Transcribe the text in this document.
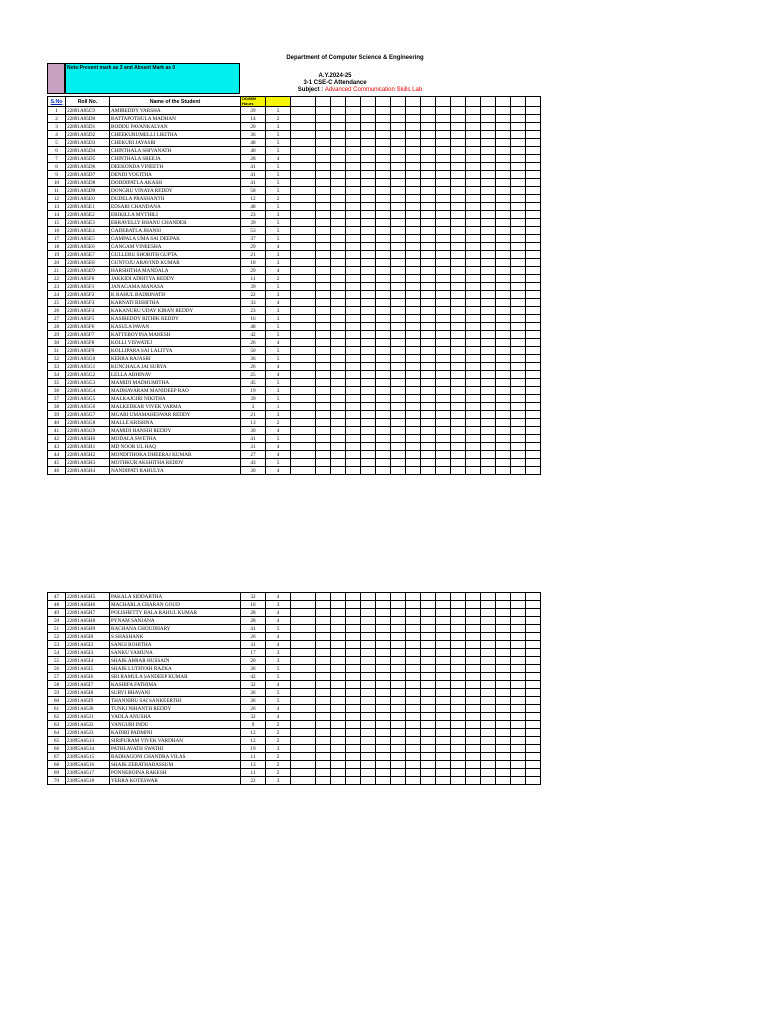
Department of Computer Science & Engineering
A.Y.2024-25
3-1 CSE-C Attendance
Subject : Advanced Communication Skills Lab
Note:Present mark as 3 and Absent Mark as 0
S.No	Roll No.	Name of the Student	OD/MM
Hours																	
1	22891A05C9	AMIREDDY VARSHA	39	5																
2	22891A05D0	BATTAPOTHULA MADHAN	14	2																
3	22891A05D1	BODDU PAVANKALYAN	20	3																
4	22891A05D2	CHEEKURUMELLI LIKITHA	36	5																
5	22891A05D3	CHEKURI JAYASRI	48	5																
6	22891A05D4	CHINTHALA SHIVANATH	40	5																
7	22891A05D5	CHINTHALA SREEJA	28	4																
8	22891A05D6	DEEKONDA VINEETH	41	5																
9	22891A05D7	DENDI YOGITHA	41	5																
10	22891A05D8	DODDIPATLA AKASH	41	5																
11	22891A05D9	DONGRU VINAYA REDDY	58	5																
12	22891A05E0	DUDELA PRASHANTH	12	2																
13	22891A05E1	EDSARI CHANDANA	48	5																
14	22891A05E2	ERIKILLA MYTHILI	23	3																
15	22891A05E3	ERRAVELLY BHANU CHANDER	39	5																
16	22891A05E4	GADEBATLA JHANSI	53	5																
17	22891A05E5	GAMPALA UMA SAI DEEPAK	37	5																
18	22891A05E6	GANGAM VINEESHA	29	4																
19	22891A05E7	GULLERU SHOBITH GUPTA	21	3																
20	22891A05E8	GUNTOJU ARAVIND KUMAR	18	3																
21	22891A05E9	HARSHITHA MANDALA	29	4																
22	22891A05F0	JAKKIDI ADHITYA REDDY	11	2																
23	22891A05F1	JANAGAMA MANASA	39	5																
24	22891A05F2	K RAHUL BADRINATH	22	3																
25	22891A05F3	KARNATI RISHITHA	33	4																
26	22891A05F4	KAKANURU UDAY KIRAN REDDY	23	3																
27	22891A05F5	KASIREDDY RITHIK REDDY	16	3																
28	22891A05F6	KASULA PAVAN	48	5																
29	22891A05F7	KATTEBOYINA MAHESH	42	5																
30	22891A05F8	KOLLI VISWATEJ	26	4																
31	22891A05F9	KOLLIPARA SAI LALITYA	50	5																
32	22891A05G0	KERRA RAJASRI	36	5																
33	22891A05G1	KUNCHALA JAI SURYA	26	4																
34	22891A05G2	LELLA ABHINAV	25	4																
35	22891A05G3	MAMIDI MADHUMITHA	45	5																
36	22891A05G4	MADHAVARAM MANIDEEP RAO	19	3																
37	22891A05G5	MALKAJGIRI NIKITHA	39	5																
38	22891A05G6	MALKEDKAR VIVEK VARMA	3	1																
39	22891A05G7	MGARI UMAMAHESWAR REDDY	21	3																
40	22891A05G8	MALLE KRISHNA	13	2																
41	22891A05G9	MAMIDI HANSIH REDDY	30	4																
42	22891A05H0	MODALA SWETHA	41	5																
43	22891A05H1	MD NOOR UL HAQ	31	4																
44	22891A05H2	MONDITHOKA DHEERAJ KUMAR	27	4																
45	22891A05H3	MOTHKUR AKSHITHA REDDY	43	5																
46	22891A05H4	NANDIPATI RAHULYA	30	4																
47	22891A05H5	PAKALA SIDDARTHA	32	4																
48	22891A05H6	MACHARLA CHARAN GOUD	16	3																
49	22891A05H7	POLISHETTY BALA RAHUL KUMAR	28	4																
50	22891A05H8	PYNAM SANJANA	28	4																
51	22891A05H9	RACHANA CHOUDHARY	41	5																
52	22891A05I0	S SHASHANK	26	4																
53	22891A05I2	SANGI ROHITHA	31	4																
54	22891A05I3	SANKU YAMUNA	17	3																
55	22891A05I4	SHAIK ABRAR HUSSAIN	20	3																
56	22891A05I5	SHAIK LUTHYAH RAZKA	36	5																
57	22891A05I6	SRI RAMULA SANDEEP KUMAR	42	5																
58	22891A05I7	KASHIFA FATHIMA	32	4																
59	22891A05I8	SURVI BHAVANI	36	5																
60	22891A05I9	THANNIRU SAI SANKEERTHI	36	5																
61	22891A05J0	TUNKI NIHANTH REDDY	26	4																
62	22891A05J1	VADLA ANUSHA	32	4																
63	22891A05J2	VANGURI INDU	9	2																
64	22891A05J3	KADIRI PADMINI	12	2																
65	23895A0513	SIRIPURAM VIVEK VARDHAN	12	2																
66	23895A0514	PATHLAVATH SWATHI	19	3																
67	23895A0515	BADHAGONI CHANDRA VILAS	11	2																
68	23895A0516	SHAIK ZEBATHABASSUM	13	2																
69	23895A0517	PONNEBOINA RAKESH	11	2																
70	23895A0518	YERRA KOTESWAR	22	3																
